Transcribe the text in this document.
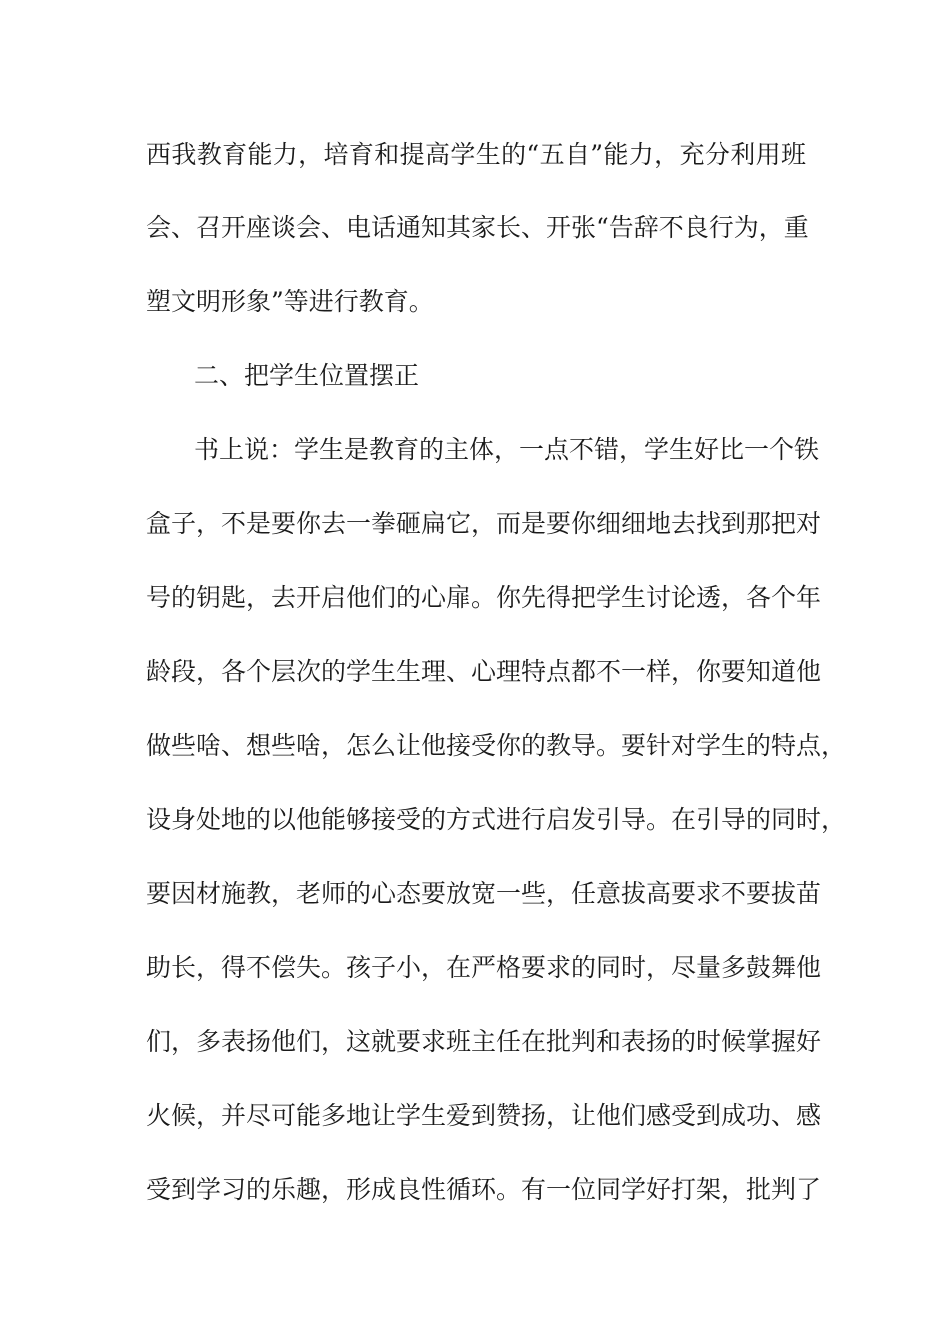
西我教育能力，培育和提高学生的“五自”能力，充分利用班

会、召开座谈会、电话通知其家长、开张“告辞不良行为，重

塑文明形象”等进行教育。

二、把学生位置摆正

书上说：学生是教育的主体，一点不错，学生好比一个铁

盒子，不是要你去一拳砸扁它，而是要你细细地去找到那把对

号的钥匙，去开启他们的心扉。你先得把学生讨论透，各个年

龄段，各个层次的学生生理、心理特点都不一样，你要知道他

做些啥、想些啥，怎么让他接受你的教导。要针对学生的特点，

设身处地的以他能够接受的方式进行启发引导。在引导的同时，

要因材施教，老师的心态要放宽一些，任意拔高要求不要拔苗

助长，得不偿失。孩子小，在严格要求的同时，尽量多鼓舞他

们，多表扬他们，这就要求班主任在批判和表扬的时候掌握好

火候，并尽可能多地让学生爱到赞扬，让他们感受到成功、感

受到学习的乐趣，形成良性循环。有一位同学好打架，批判了
